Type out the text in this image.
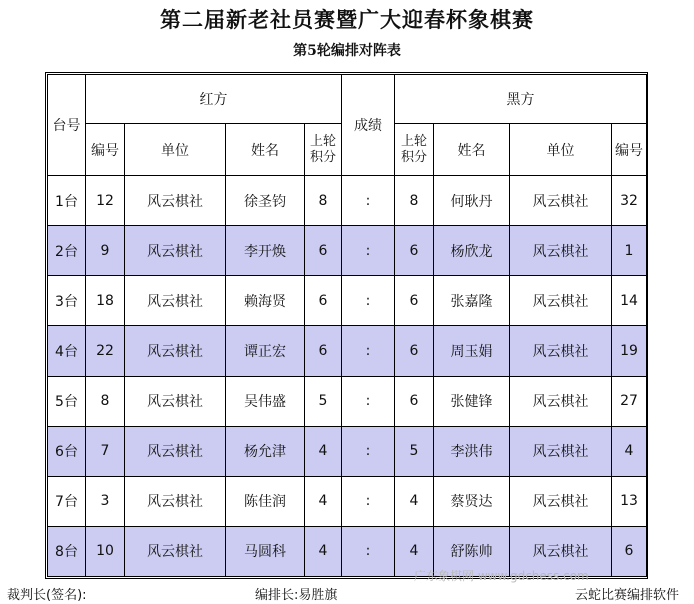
第二届新老社员赛暨广大迎春杯象棋赛
第5轮编排对阵表
台号	红方				成绩	黑方			
	编号	单位	姓名	上轮积分		上轮积分	姓名	单位	编号
1台	12	风云棋社	徐圣钧	8	:	8	何耿丹	风云棋社	32
2台	9	风云棋社	李开焕	6	:	6	杨欣龙	风云棋社	1
3台	18	风云棋社	赖海贤	6	:	6	张嘉隆	风云棋社	14
4台	22	风云棋社	谭正宏	6	:	6	周玉娟	风云棋社	19
5台	8	风云棋社	吴伟盛	5	:	6	张健锋	风云棋社	27
6台	7	风云棋社	杨允津	4	:	5	李洪伟	风云棋社	4
7台	3	风云棋社	陈佳润	4	:	4	蔡贤达	风云棋社	13
8台	10	风云棋社	马圆科	4	:	4	舒陈帅	风云棋社	6
广东象棋网 www.gdchess.com
裁判长(签名):	编排长:易胜旗	云蛇比赛编排软件
